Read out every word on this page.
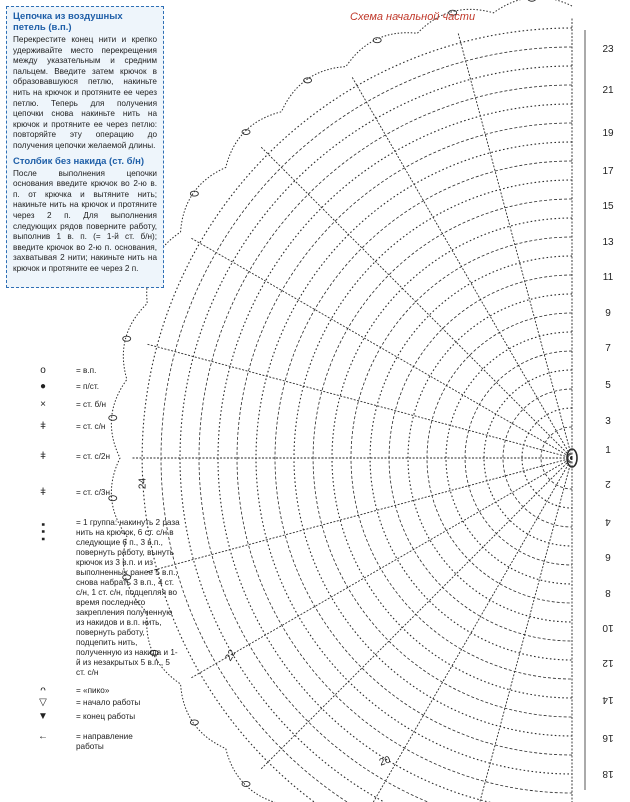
Схема начальной части
Цепочка из воздушных петель (в.п.)
Перекрестите конец нити и крепко удерживайте место перекрещения между указательным и средним пальцем. Введите затем крючок в образовавшуюся петлю, накиньте нить на крючок и протяните ее через петлю. Теперь для получения цепочки снова накиньте нить на крючок и протяните ее через петлю: повторяйте эту операцию до получения цепочки желаемой длины.
Столбик без накида (ст. б/н)
После выполнения цепочки основания введите крючок во 2-ю в. п. от крючка и вытяните нить; накиньте нить на крючок и протяните через 2 п. Для выполнения следующих рядов поверните работу, выполнив 1 в. п. (= 1-й ст. б/н); введите крючок во 2-ю п. основания, захватывая 2 нити; накиньте нить на крючок и протяните ее через 2 п.
o	= в.п.
●	= п/ст.
×	= ст. б/н
ǂ	= ст. с/н
ǂ	= ст. с/2н
ǂ	= ст. с/3н
⫶	= 1 группа: накинуть 2 раза нить на крючок, 6 ст. с/н в следующие 6 п., 3 в.п., повернуть работу, вынуть крючок из 3 в.п. и из выполненных ранее 5 в.п., снова набрать 3 в.п., 4 ст. с/н, 1 ст. с/н, подцепляя во время последнего закрепления полученную из накидов и в.п. нить, повернуть работу, подцепить нить, полученную из накида и 1-й из незакрытых 5 в.п., 5 ст. с/н
ᴖ	= «пико»
▽	= начало работы
▼	= конец работы
←	= направление работы
23
21
19
17
15
13
11
9
7
5
3
1
2
4
6
8
10
12
14
16
18
24
22
20
